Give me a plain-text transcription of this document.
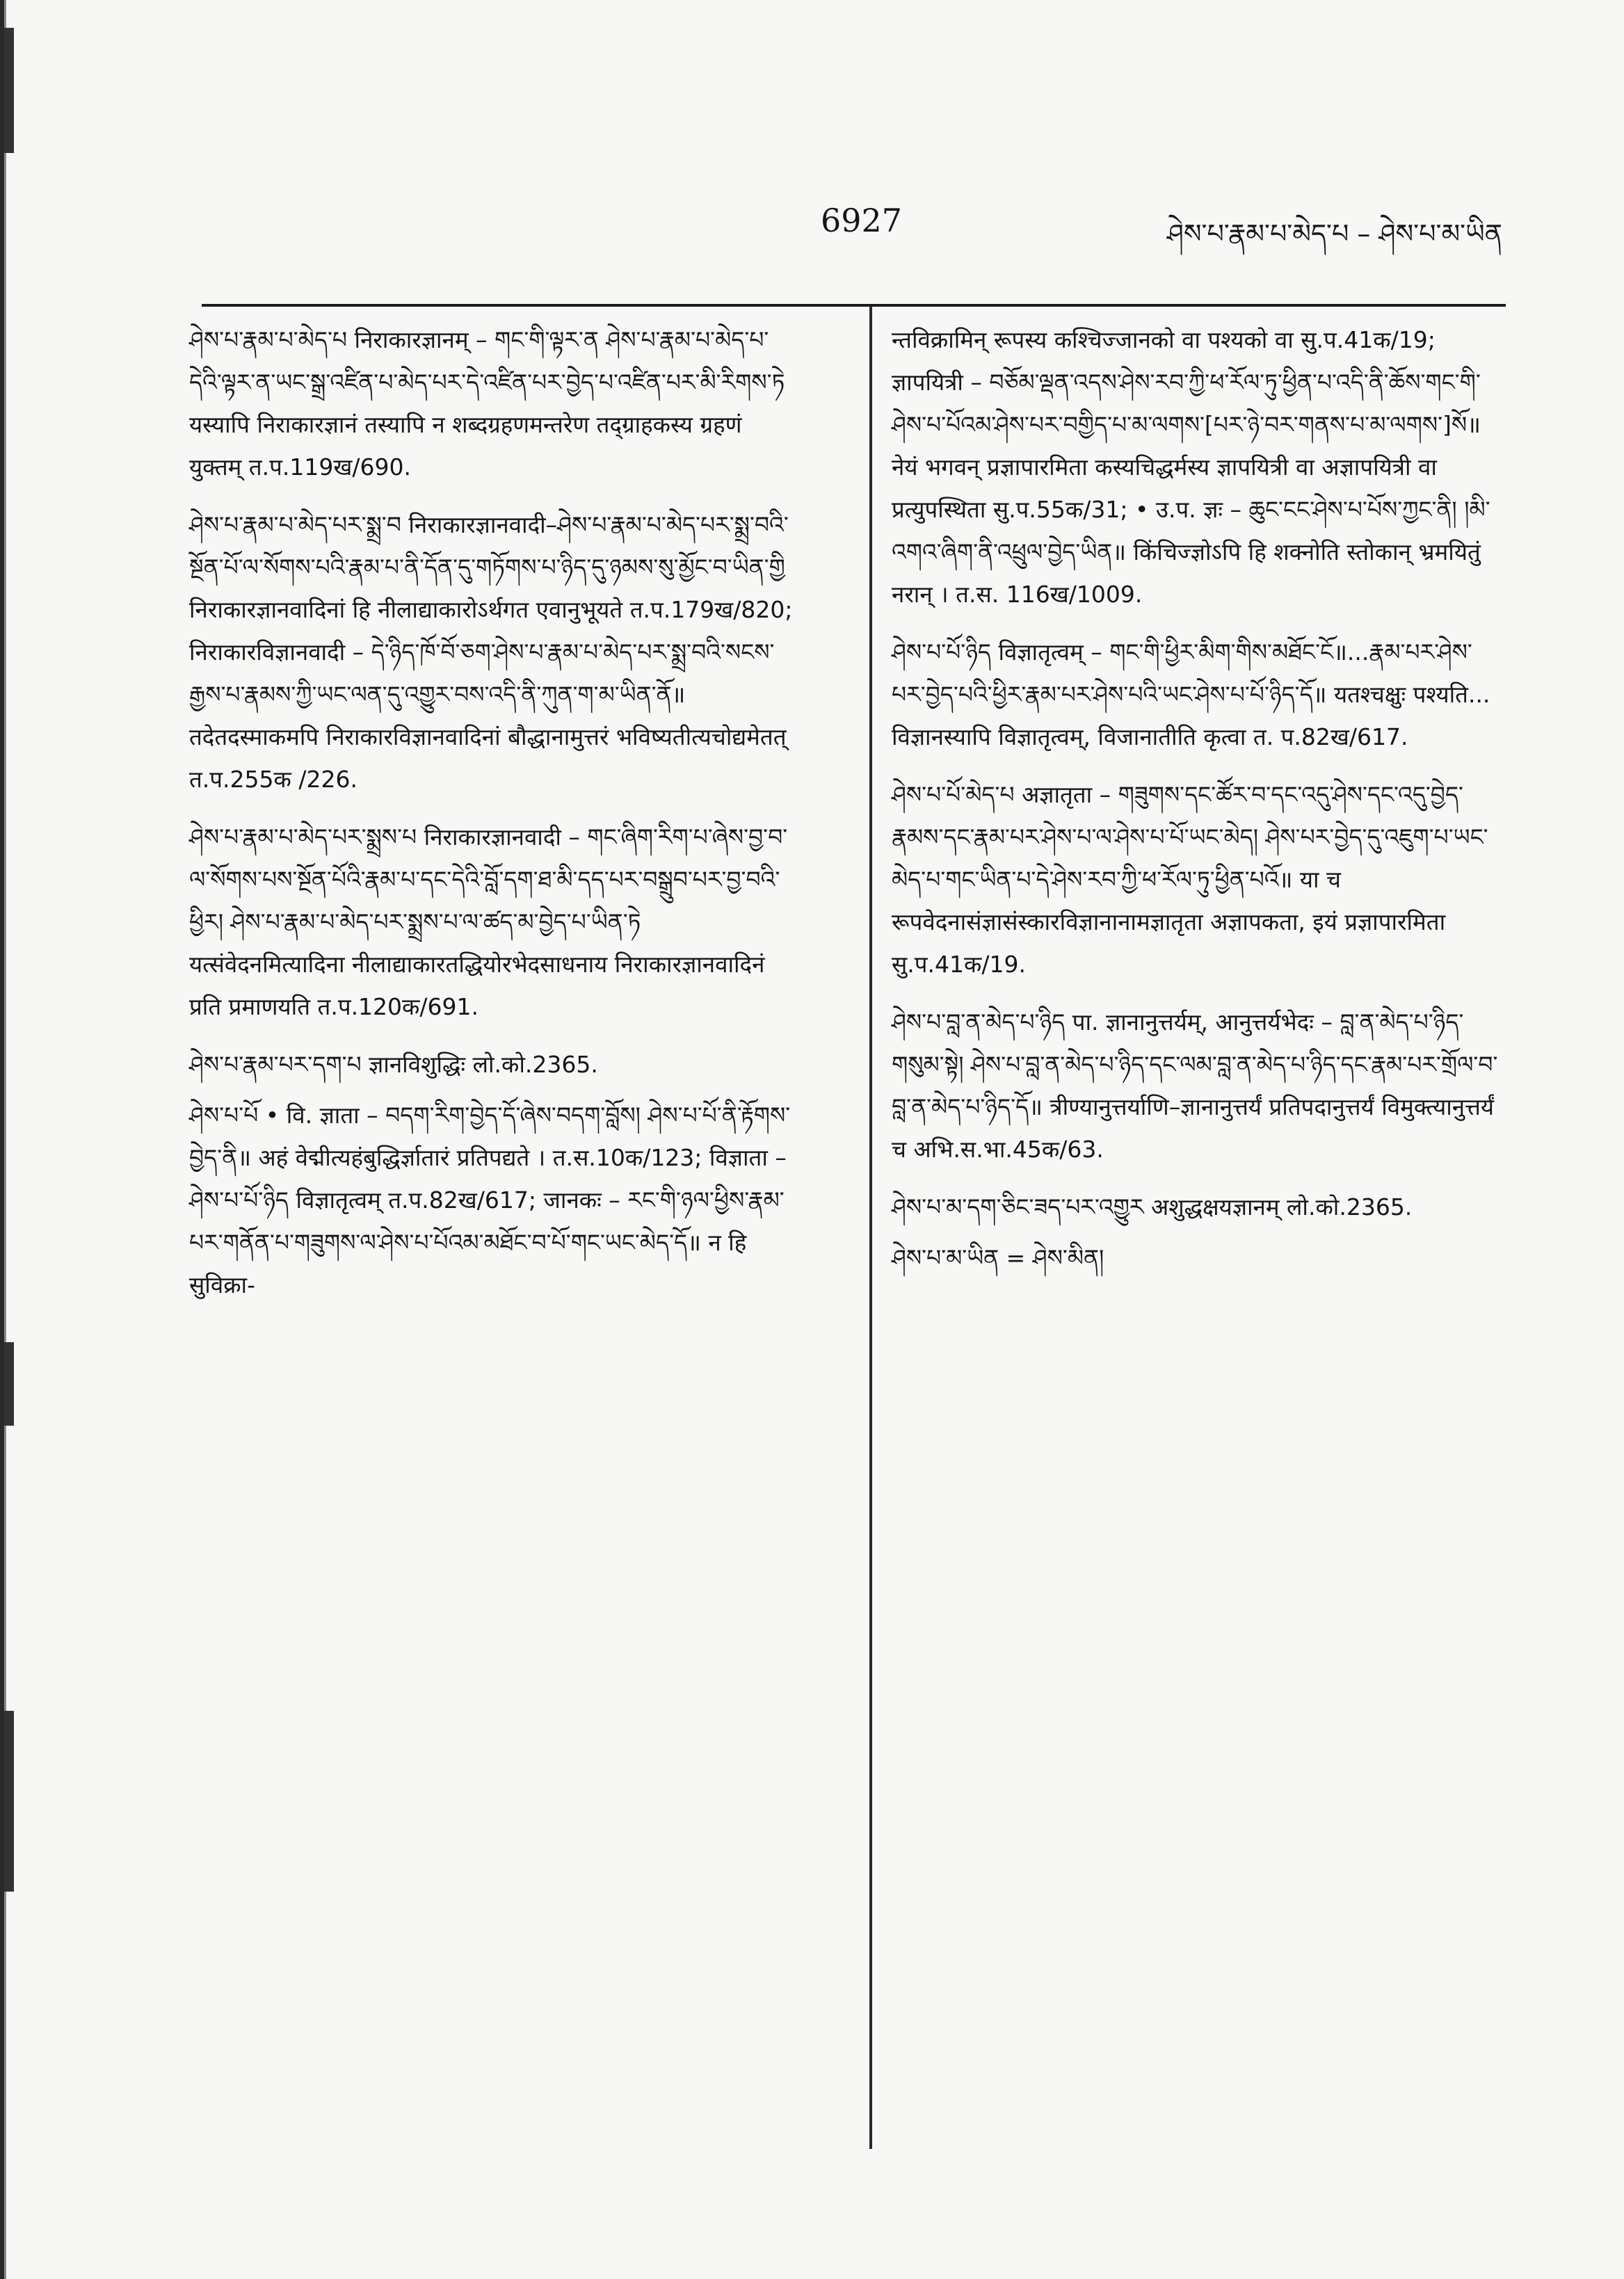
6927	ཤེས་པ་རྣམ་པ་མེད་པ – ཤེས་པ་མ་ཡིན
ཤེས་པ་རྣམ་པ་མེད་པ निराकारज्ञानम् – གང་གི་ལྟར་ན ཤེས་པ་རྣམ་པ་མེད་པ་དེའི་ལྟར་ན་ཡང་སྒྲ་འཛིན་པ་མེད་པར་དེ་འཛིན་པར་བྱེད་པ་འཛིན་པར་མི་རིགས་ཏེ यस्यापि निराकारज्ञानं तस्यापि न शब्दग्रहणमन्तरेण तद्ग्राहकस्य ग्रहणं युक्तम् त.प.119ख/690.
ཤེས་པ་རྣམ་པ་མེད་པར་སྨྲ་བ निराकारज्ञानवादी–ཤེས་པ་རྣམ་པ་མེད་པར་སྨྲ་བའི་སྔོན་པོ་ལ་སོགས་པའི་རྣམ་པ་ནི་དོན་དུ་གཏོགས་པ་ཉིད་དུ་ཉམས་སུ་མྱོང་བ་ཡིན་གྱི निराकारज्ञानवादिनां हि नीलाद्याकारोऽर्थगत एवानुभूयते त.प.179ख/820; निराकारविज्ञानवादी – དེ་ཉིད་ཁོ་བོ་ཅག་ཤེས་པ་རྣམ་པ་མེད་པར་སྨྲ་བའི་སངས་རྒྱས་པ་རྣམས་ཀྱི་ཡང་ལན་དུ་འགྱུར་བས་འདི་ནི་ཀུན་ག་མ་ཡིན་ནོ॥ तदेतदस्माकमपि निराकारविज्ञानवादिनां बौद्धानामुत्तरं भविष्यतीत्यचोद्यमेतत् त.प.255क /226.
ཤེས་པ་རྣམ་པ་མེད་པར་སྨྲས་པ निराकारज्ञानवादी – གང་ཞིག་རིག་པ་ཞེས་བྱ་བ་ལ་སོགས་པས་སྔོན་པོའི་རྣམ་པ་དང་དེའི་བློ་དག་ཐ་མི་དད་པར་བསྒྲུབ་པར་བྱ་བའི་ཕྱིར། ཤེས་པ་རྣམ་པ་མེད་པར་སྨྲས་པ་ལ་ཚད་མ་བྱེད་པ་ཡིན་ཏེ यत्संवेदनमित्यादिना नीलाद्याकारतद्धियोरभेदसाधनाय निराकारज्ञानवादिनं प्रति प्रमाणयति त.प.120क/691.
ཤེས་པ་རྣམ་པར་དག་པ ज्ञानविशुद्धिः लो.को.2365.
ཤེས་པ་པོ • वि. ज्ञाता – བདག་རིག་བྱེད་དོ་ཞེས་བདག་བློས། ཤེས་པ་པོ་ནི་རྟོགས་བྱེད་ནི॥ अहं वेद्मीत्यहंबुद्धिर्ज्ञातारं प्रतिपद्यते । त.स.10क/123; विज्ञाता – ཤེས་པ་པོ་ཉིད विज्ञातृत्वम् त.प.82ख/617; जानकः – རང་གི་ཉལ་ཕྱིས་རྣམ་པར་གནོན་པ་གཟུགས་ལ་ཤེས་པ་པོའམ་མཐོང་བ་པོ་གང་ཡང་མེད་དོ॥ न हि सुविक्रा-
न्तविक्रामिन् रूपस्य कश्चिज्जानको वा पश्यको वा सु.प.41क/19; ज्ञापयित्री – བཅོམ་ལྡན་འདས་ཤེས་རབ་ཀྱི་ཕ་རོལ་ཏུ་ཕྱིན་པ་འདི་ནི་ཆོས་གང་གི་ཤེས་པ་པོའམ་ཤེས་པར་བགྱིད་པ་མ་ལགས་[པར་ཉེ་བར་གནས་པ་མ་ལགས་]སོ॥ नेयं भगवन् प्रज्ञापारमिता कस्यचिद्धर्मस्य ज्ञापयित्री वा अज्ञापयित्री वा प्रत्युपस्थिता सु.प.55क/31; • उ.प. ज्ञः – ཆུང་ངང་ཤེས་པ་པོས་ཀྱང་ནི། །མི་འགའ་ཞིག་ནི་འཕྲུལ་བྱེད་ཡིན॥ किंचिज्ज्ञोऽपि हि शक्नोति स्तोकान् भ्रमयितुं नरान् । त.स. 116ख/1009.
ཤེས་པ་པོ་ཉིད विज्ञातृत्वम् – གང་གི་ཕྱིར་མིག་གིས་མཐོང་ངོ॥...རྣམ་པར་ཤེས་པར་བྱེད་པའི་ཕྱིར་རྣམ་པར་ཤེས་པའི་ཡང་ཤེས་པ་པོ་ཉིད་དོ॥ यतश्चक्षुः पश्यति... विज्ञानस्यापि विज्ञातृत्वम्, विजानातीति कृत्वा त. प.82ख/617.
ཤེས་པ་པོ་མེད་པ अज्ञातृता – གཟུགས་དང་ཚོར་བ་དང་འདུ་ཤེས་དང་འདུ་བྱེད་རྣམས་དང་རྣམ་པར་ཤེས་པ་ལ་ཤེས་པ་པོ་ཡང་མེད། ཤེས་པར་བྱེད་དུ་འཇུག་པ་ཡང་མེད་པ་གང་ཡིན་པ་དེ་ཤེས་རབ་ཀྱི་ཕ་རོལ་ཏུ་ཕྱིན་པའོ॥ या च रूपवेदनासंज्ञासंस्कारविज्ञानानामज्ञातृता अज्ञापकता, इयं प्रज्ञापारमिता सु.प.41क/19.
ཤེས་པ་བླ་ན་མེད་པ་ཉིད पा. ज्ञानानुत्तर्यम्, आनुत्तर्यभेदः – བླ་ན་མེད་པ་ཉིད་གསུམ་སྟེ། ཤེས་པ་བླ་ན་མེད་པ་ཉིད་དང་ལམ་བླ་ན་མེད་པ་ཉིད་དང་རྣམ་པར་གྲོལ་བ་བླ་ན་མེད་པ་ཉིད་དོ॥ त्रीण्यानुत्तर्याणि–ज्ञानानुत्तर्यं प्रतिपदानुत्तर्यं विमुक्त्यानुत्तर्यं च अभि.स.भा.45क/63.
ཤེས་པ་མ་དག་ཅིང་ཟད་པར་འགྱུར अशुद्धक्षयज्ञानम् लो.को.2365.
ཤེས་པ་མ་ཡིན = ཤེས་མིན།
